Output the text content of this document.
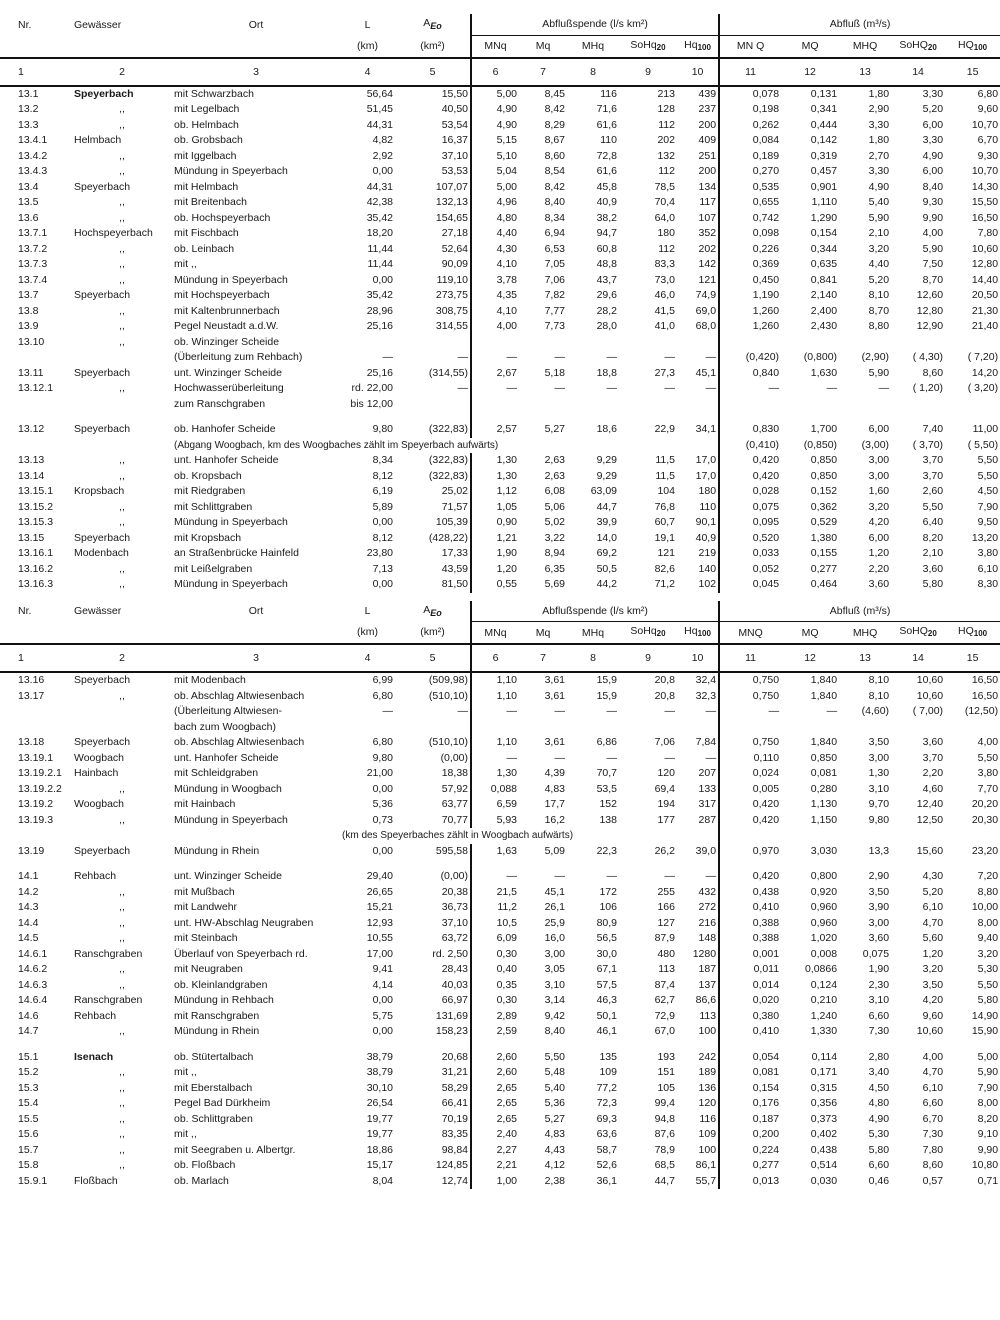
Nr.	Gewässer	Ort	L	AEo	Abflußspende (l/s km²)					Abfluß (m³/s)				
			(km)	(km²)	MNq	Mq	MHq	SoHq$_{20}$	$Hq_{100}$	MN Q	MQ	MHQ	SoHQ$_{20}$	$HQ_{100}$
1	2	3	4	5	6	7	8	9	10	11	12	13	14	15
13.1	Speyerbach	mit Schwarzbach	56,64	15,50	5,00	8,45	116	213	439	0,078	0,131	1,80	3,30	6,80
13.2	,,	mit Legelbach	51,45	40,50	4,90	8,42	71,6	128	237	0,198	0,341	2,90	5,20	9,60
13.3	,,	ob. Helmbach	44,31	53,54	4,90	8,29	61,6	112	200	0,262	0,444	3,30	6,00	10,70
13.4.1	Helmbach	ob. Grobsbach	4,82	16,37	5,15	8,67	110	202	409	0,084	0,142	1,80	3,30	6,70
13.4.2	,,	mit Iggelbach	2,92	37,10	5,10	8,60	72,8	132	251	0,189	0,319	2,70	4,90	9,30
13.4.3	,,	Mündung in Speyerbach	0,00	53,53	5,04	8,54	61,6	112	200	0,270	0,457	3,30	6,00	10,70
13.4	Speyerbach	mit Helmbach	44,31	107,07	5,00	8,42	45,8	78,5	134	0,535	0,901	4,90	8,40	14,30
13.5	,,	mit Breitenbach	42,38	132,13	4,96	8,40	40,9	70,4	117	0,655	1,110	5,40	9,30	15,50
13.6	,,	ob. Hochspeyerbach	35,42	154,65	4,80	8,34	38,2	64,0	107	0,742	1,290	5,90	9,90	16,50
13.7.1	Hochspeyerbach	mit Fischbach	18,20	27,18	4,40	6,94	94,7	180	352	0,098	0,154	2,10	4,00	7,80
13.7.2	,,	ob. Leinbach	11,44	52,64	4,30	6,53	60,8	112	202	0,226	0,344	3,20	5,90	10,60
13.7.3	,,	mit ,,	11,44	90,09	4,10	7,05	48,8	83,3	142	0,369	0,635	4,40	7,50	12,80
13.7.4	,,	Mündung in Speyerbach	0,00	119,10	3,78	7,06	43,7	73,0	121	0,450	0,841	5,20	8,70	14,40
13.7	Speyerbach	mit Hochspeyerbach	35,42	273,75	4,35	7,82	29,6	46,0	74,9	1,190	2,140	8,10	12,60	20,50
13.8	,,	mit Kaltenbrunnerbach	28,96	308,75	4,10	7,77	28,2	41,5	69,0	1,260	2,400	8,70	12,80	21,30
13.9	,,	Pegel Neustadt a.d.W.	25,16	314,55	4,00	7,73	28,0	41,0	68,0	1,260	2,430	8,80	12,90	21,40
13.10	,,	ob. Winzinger Scheide												
		(Überleitung zum Rehbach)	—	—	—	—	—	—	—	(0,420)	(0,800)	(2,90)	( 4,30)	( 7,20)
13.11	Speyerbach	unt. Winzinger Scheide	25,16	(314,55)	2,67	5,18	18,8	27,3	45,1	0,840	1,630	5,90	8,60	14,20
13.12.1	,,	Hochwasserüberleitung	rd. 22,00	—	—	—	—	—	—	—	—	—	( 1,20)	( 3,20)
		zum Ranschgraben	bis 12,00											

13.12	Speyerbach	ob. Hanhofer Scheide	9,80	(322,83)	2,57	5,27	18,6	22,9	34,1	0,830	1,700	6,00	7,40	11,00
		(Abgang Woogbach, km des Woogbaches zählt im Speyerbach aufwärts)								(0,410)	(0,850)	(3,00)	( 3,70)	( 5,50)
13.13	,,	unt. Hanhofer Scheide	8,34	(322,83)	1,30	2,63	9,29	11,5	17,0	0,420	0,850	3,00	3,70	5,50
13.14	,,	ob. Kropsbach	8,12	(322,83)	1,30	2,63	9,29	11,5	17,0	0,420	0,850	3,00	3,70	5,50
13.15.1	Kropsbach	mit Riedgraben	6,19	25,02	1,12	6,08	63,09	104	180	0,028	0,152	1,60	2,60	4,50
13.15.2	,,	mit Schlittgraben	5,89	71,57	1,05	5,06	44,7	76,8	110	0,075	0,362	3,20	5,50	7,90
13.15.3	,,	Mündung in Speyerbach	0,00	105,39	0,90	5,02	39,9	60,7	90,1	0,095	0,529	4,20	6,40	9,50
13.15	Speyerbach	mit Kropsbach	8,12	(428,22)	1,21	3,22	14,0	19,1	40,9	0,520	1,380	6,00	8,20	13,20
13.16.1	Modenbach	an Straßenbrücke Hainfeld	23,80	17,33	1,90	8,94	69,2	121	219	0,033	0,155	1,20	2,10	3,80
13.16.2	,,	mit Leißelgraben	7,13	43,59	1,20	6,35	50,5	82,6	140	0,052	0,277	2,20	3,60	6,10
13.16.3	,,	Mündung in Speyerbach	0,00	81,50	0,55	5,69	44,2	71,2	102	0,045	0,464	3,60	5,80	8,30
Nr.	Gewässer	Ort	L	AEo	Abflußspende (l/s km²)					Abfluß (m³/s)				
			(km)	(km²)	MNq	Mq	MHq	SoHq$_{20}$	$Hq_{100}$	MNQ	MQ	MHQ	SoHQ$_{20}$	$HQ_{100}$
1	2	3	4	5	6	7	8	9	10	11	12	13	14	15
13.16	Speyerbach	mit Modenbach	6,99	(509,98)	1,10	3,61	15,9	20,8	32,4	0,750	1,840	8,10	10,60	16,50
13.17	,,	ob. Abschlag Altwiesenbach	6,80	(510,10)	1,10	3,61	15,9	20,8	32,3	0,750	1,840	8,10	10,60	16,50
		(Überleitung Altwiesen-	—	—	—	—	—	—	—	—	—	(4,60)	( 7,00)	(12,50)
		bach zum Woogbach)												
13.18	Speyerbach	ob. Abschlag Altwiesenbach	6,80	(510,10)	1,10	3,61	6,86	7,06	7,84	0,750	1,840	3,50	3,60	4,00
13.19.1	Woogbach	unt. Hanhofer Scheide	9,80	(0,00)	—	—	—	—	—	0,110	0,850	3,00	3,70	5,50
13.19.2.1	Hainbach	mit Schleidgraben	21,00	18,38	1,30	4,39	70,7	120	207	0,024	0,081	1,30	2,20	3,80
13.19.2.2	,,	Mündung in Woogbach	0,00	57,92	0,088	4,83	53,5	69,4	133	0,005	0,280	3,10	4,60	7,70
13.19.2	Woogbach	mit Hainbach	5,36	63,77	6,59	17,7	152	194	317	0,420	1,130	9,70	12,40	20,20
13.19.3	,,	Mündung in Speyerbach	0,73	70,77	5,93	16,2	138	177	287	0,420	1,150	9,80	12,50	20,30
			(km des Speyerbaches zählt in Woogbach aufwärts)											
13.19	Speyerbach	Mündung in Rhein	0,00	595,58	1,63	5,09	22,3	26,2	39,0	0,970	3,030	13,3	15,60	23,20

14.1	Rehbach	unt. Winzinger Scheide	29,40	(0,00)	—	—	—	—	—	0,420	0,800	2,90	4,30	7,20
14.2	,,	mit Mußbach	26,65	20,38	21,5	45,1	172	255	432	0,438	0,920	3,50	5,20	8,80
14.3	,,	mit Landwehr	15,21	36,73	11,2	26,1	106	166	272	0,410	0,960	3,90	6,10	10,00
14.4	,,	unt. HW-Abschlag Neugraben	12,93	37,10	10,5	25,9	80,9	127	216	0,388	0,960	3,00	4,70	8,00
14.5	,,	mit Steinbach	10,55	63,72	6,09	16,0	56,5	87,9	148	0,388	1,020	3,60	5,60	9,40
14.6.1	Ranschgraben	Überlauf von Speyerbach rd.	17,00	rd. 2,50	0,30	3,00	30,0	480	1280	0,001	0,008	0,075	1,20	3,20
14.6.2	,,	mit Neugraben	9,41	28,43	0,40	3,05	67,1	113	187	0,011	0,0866	1,90	3,20	5,30
14.6.3	,,	ob. Kleinlandgraben	4,14	40,03	0,35	3,10	57,5	87,4	137	0,014	0,124	2,30	3,50	5,50
14.6.4	Ranschgraben	Mündung in Rehbach	0,00	66,97	0,30	3,14	46,3	62,7	86,6	0,020	0,210	3,10	4,20	5,80
14.6	Rehbach	mit Ranschgraben	5,75	131,69	2,89	9,42	50,1	72,9	113	0,380	1,240	6,60	9,60	14,90
14.7	,,	Mündung in Rhein	0,00	158,23	2,59	8,40	46,1	67,0	100	0,410	1,330	7,30	10,60	15,90

15.1	Isenach	ob. Stütertalbach	38,79	20,68	2,60	5,50	135	193	242	0,054	0,114	2,80	4,00	5,00
15.2	,,	mit ,,	38,79	31,21	2,60	5,48	109	151	189	0,081	0,171	3,40	4,70	5,90
15.3	,,	mit Eberstalbach	30,10	58,29	2,65	5,40	77,2	105	136	0,154	0,315	4,50	6,10	7,90
15.4	,,	Pegel Bad Dürkheim	26,54	66,41	2,65	5,36	72,3	99,4	120	0,176	0,356	4,80	6,60	8,00
15.5	,,	ob. Schlittgraben	19,77	70,19	2,65	5,27	69,3	94,8	116	0,187	0,373	4,90	6,70	8,20
15.6	,,	mit ,,	19,77	83,35	2,40	4,83	63,6	87,6	109	0,200	0,402	5,30	7,30	9,10
15.7	,,	mit Seegraben u. Albertgr.	18,86	98,84	2,27	4,43	58,7	78,9	100	0,224	0,438	5,80	7,80	9,90
15.8	,,	ob. Floßbach	15,17	124,85	2,21	4,12	52,6	68,5	86,1	0,277	0,514	6,60	8,60	10,80
15.9.1	Floßbach	ob. Marlach	8,04	12,74	1,00	2,38	36,1	44,7	55,7	0,013	0,030	0,46	0,57	0,71
